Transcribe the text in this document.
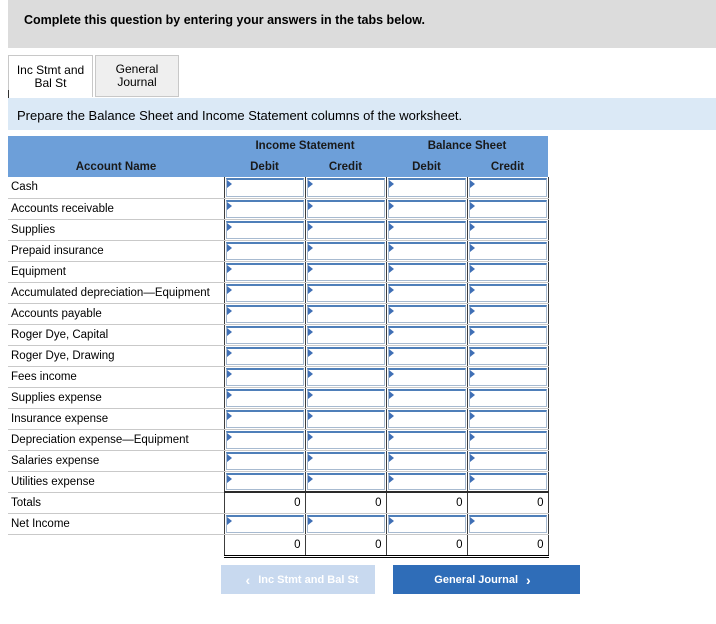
Complete this question by entering your answers in the tabs below.
Inc Stmt and
Bal St
General
Journal
Prepare the Balance Sheet and Income Statement columns of the worksheet.
	Income Statement		Balance Sheet	
Account Name	Debit	Credit	Debit	Credit
Cash	

Accounts receivable	

Supplies	

Prepaid insurance	

Equipment	

Accumulated depreciation—Equipment	

Accounts payable	

Roger Dye, Capital	

Roger Dye, Drawing	

Fees income	

Supplies expense	

Insurance expense	

Depreciation expense—Equipment	

Salaries expense	

Utilities expense	

Totals	0	0	0	0

Net Income	

	0	0	0	0
‹ Inc Stmt and Bal St	General Journal ›
